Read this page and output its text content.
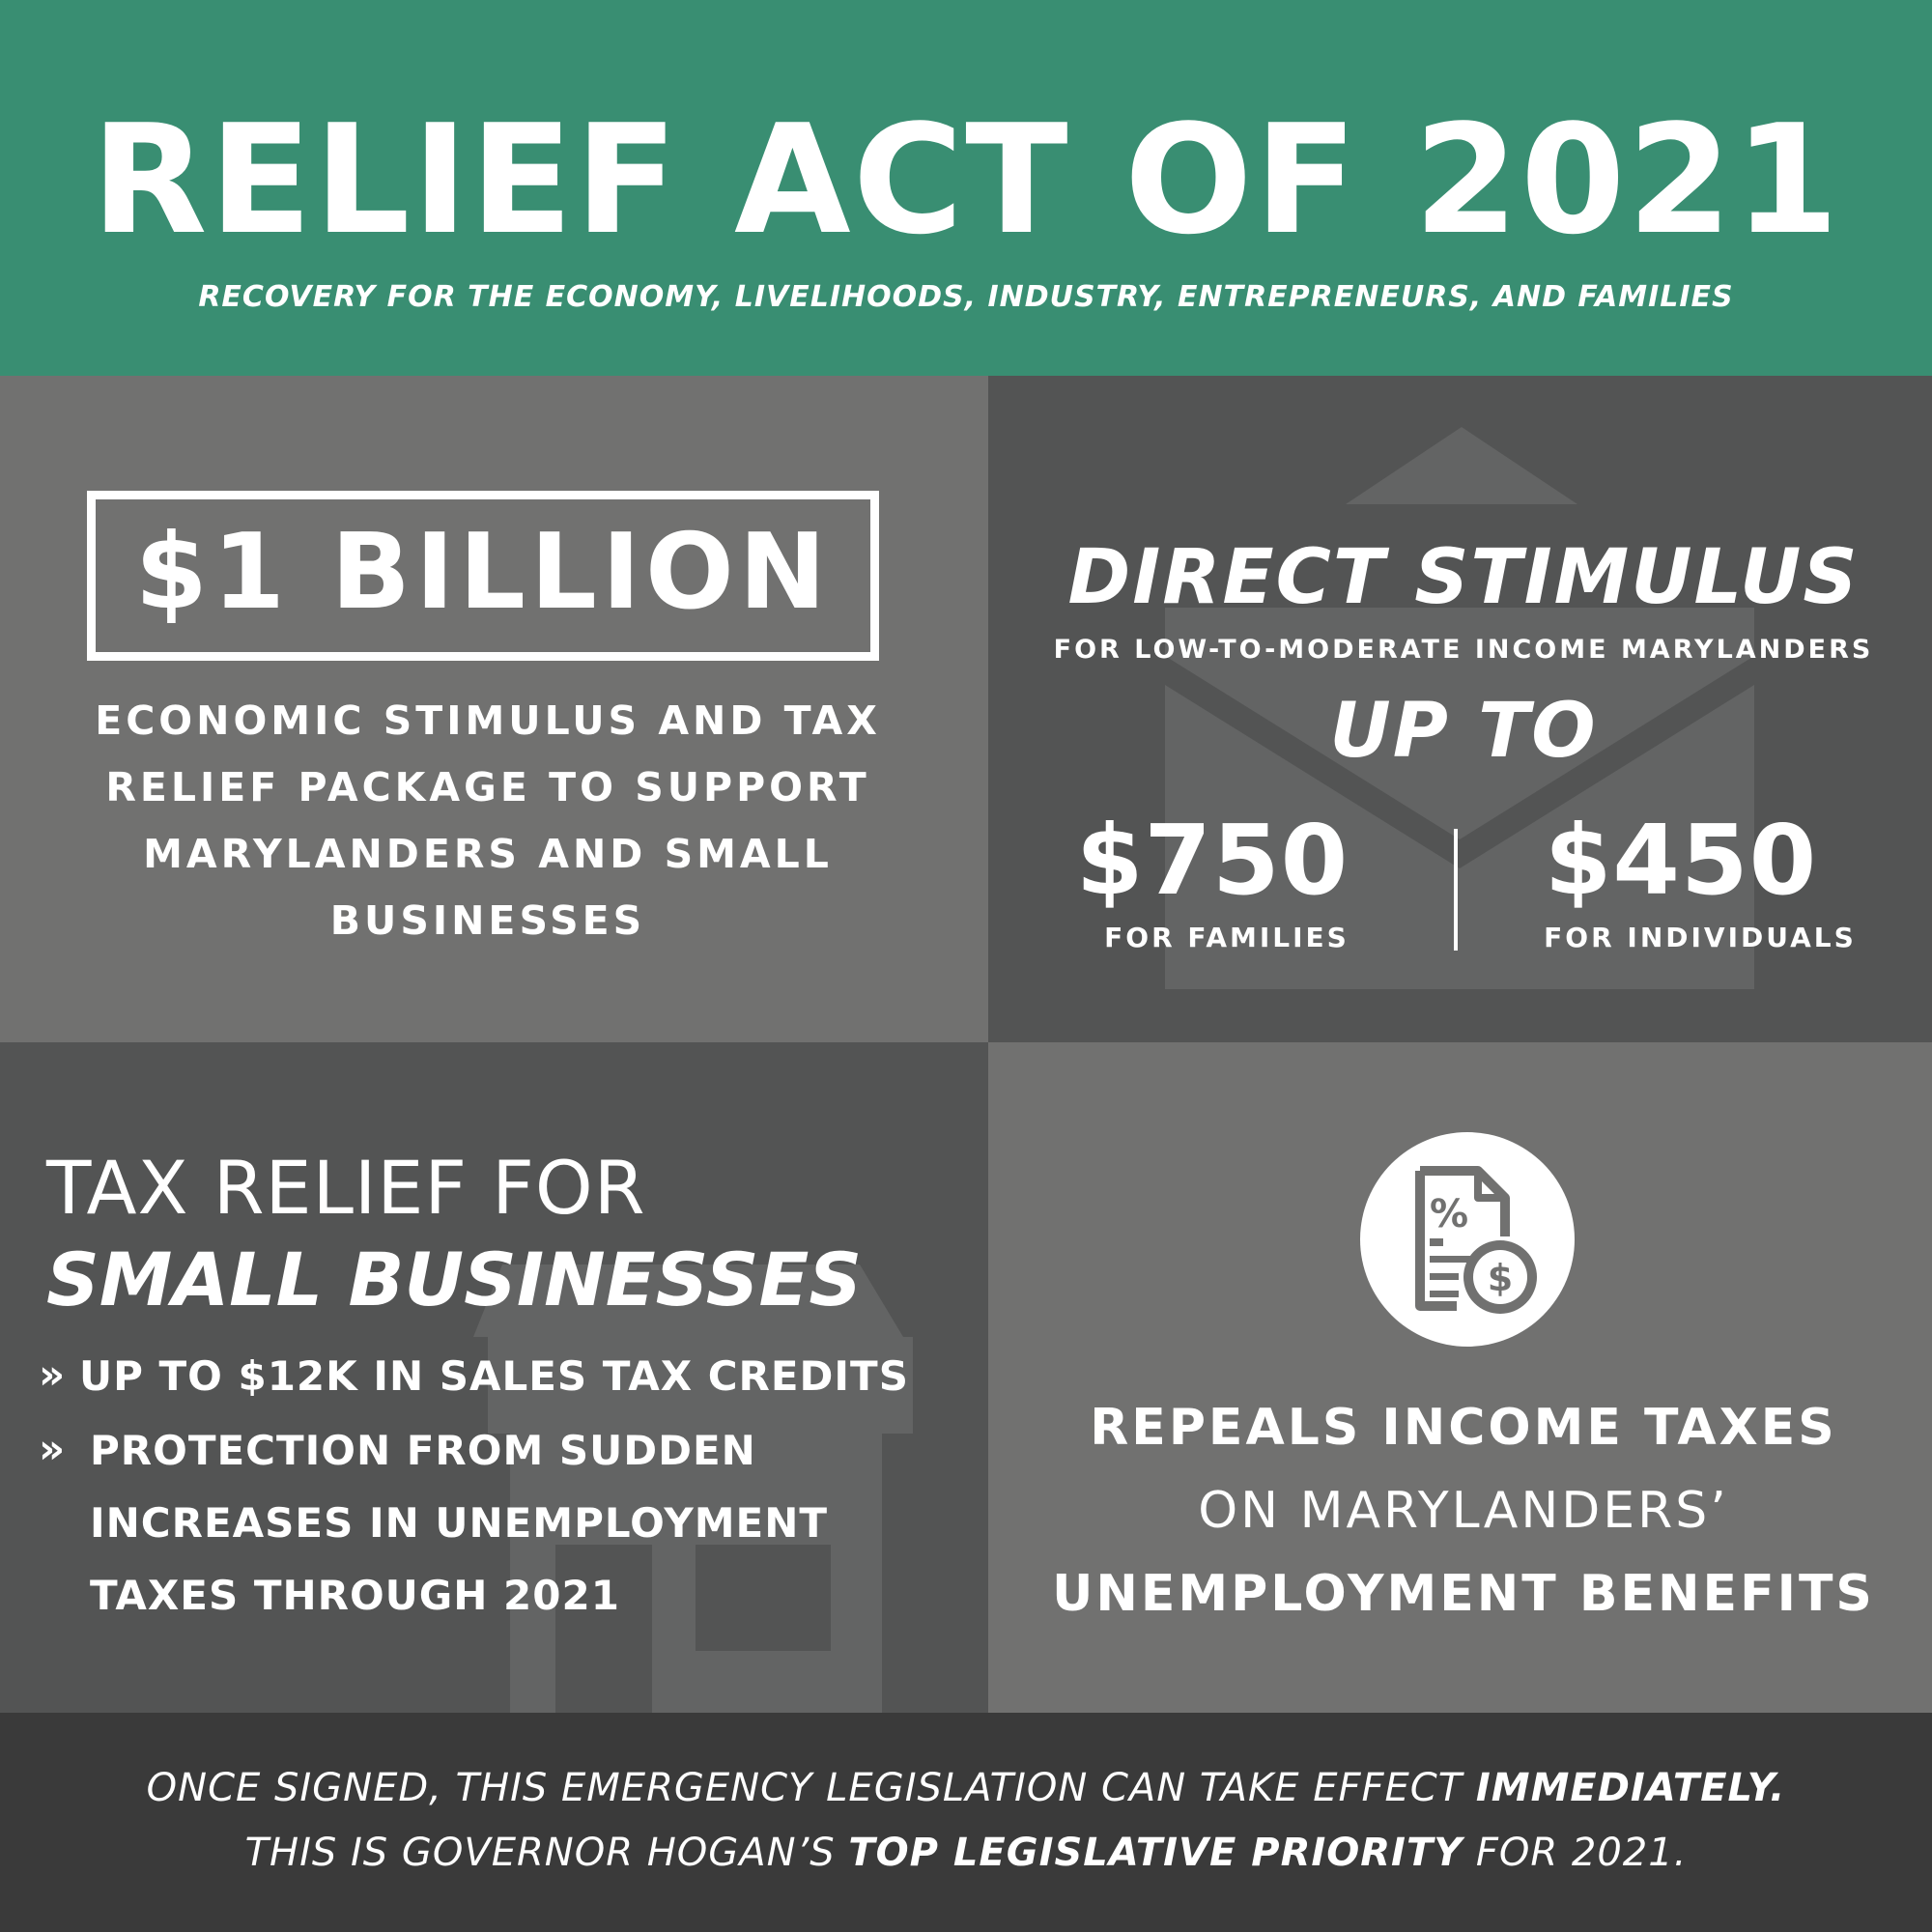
RELIEF ACT OF 2021
RECOVERY FOR THE ECONOMY, LIVELIHOODS, INDUSTRY, ENTREPRENEURS, AND FAMILIES
$1 BILLION
ECONOMIC STIMULUS AND TAX
RELIEF PACKAGE TO SUPPORT
MARYLANDERS AND SMALL
BUSINESSES
DIRECT STIMULUS
FOR LOW-TO-MODERATE INCOME MARYLANDERS
UP TO
$750
FOR FAMILIES
$450
FOR INDIVIDUALS
TAX RELIEF FOR
SMALL BUSINESSES
» UP TO $12K IN SALES TAX CREDITS
» PROTECTION FROM SUDDEN
INCREASES IN UNEMPLOYMENT
TAXES THROUGH 2021
%
$
REPEALS INCOME TAXES
ON MARYLANDERS’
UNEMPLOYMENT BENEFITS
ONCE SIGNED, THIS EMERGENCY LEGISLATION CAN TAKE EFFECT IMMEDIATELY.
THIS IS GOVERNOR HOGAN’S TOP LEGISLATIVE PRIORITY FOR 2021.
